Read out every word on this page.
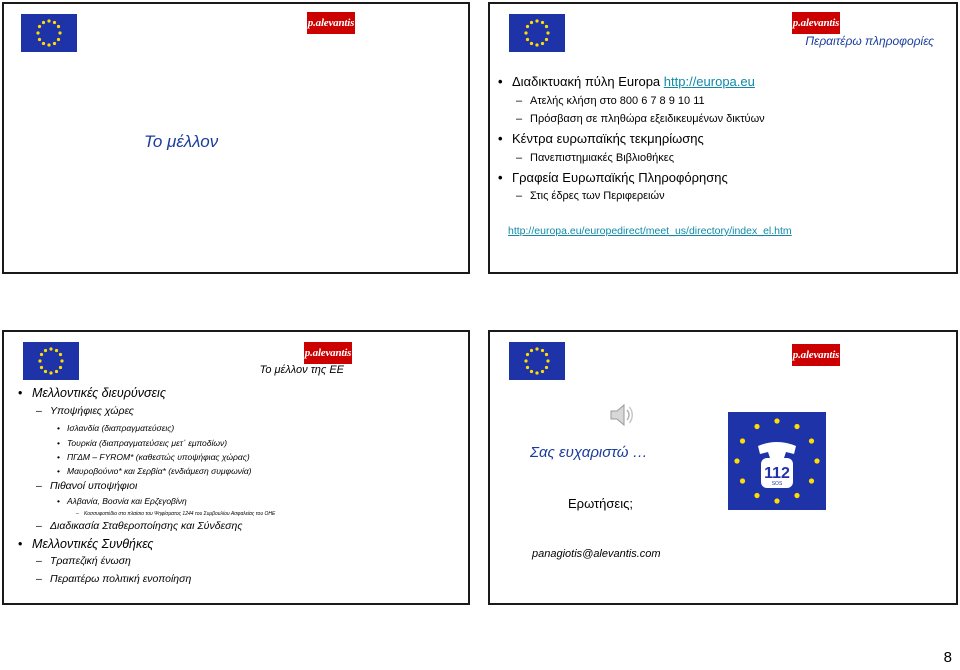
p.alevantis
Το μέλλον
p.alevantis
Περαιτέρω πληροφορίες
• Διαδικτυακή πύλη Europa http://europa.eu
– Ατελής κλήση στο 800 6 7 8 9 10 11
– Πρόσβαση σε πληθώρα εξειδικευμένων δικτύων
• Κέντρα ευρωπαϊκής τεκμηρίωσης
– Πανεπιστημιακές Βιβλιοθήκες
• Γραφεία Ευρωπαϊκής Πληροφόρησης
– Στις έδρες των Περιφερειών
http://europa.eu/europedirect/meet_us/directory/index_el.htm
p.alevantis
Το μέλλον της ΕΕ
• Μελλοντικές διευρύνσεις
– Υποψήφιες χώρες
• Ισλανδία (διαπραγματεύσεις)
• Τουρκία (διαπραγματεύσεις μετ᾽ εμποδίων)
• ΠΓΔΜ – FYROM* (καθεστώς υποψήφιας χώρας)
• Μαυροβούνιο* και Σερβία* (ενδιάμεση συμφωνία)
– Πιθανοί υποψήφιοι
• Αλβανία, Βοσνία και Ερζεγοβίνη
– Κοσσυφοπέδιο στο πλαίσιο του Ψηφίσματος 1244 του Συμβουλίου Ασφαλείας του ΟΗΕ
– Διαδικασία Σταθεροποίησης και Σύνδεσης
• Μελλοντικές Συνθήκες
– Τραπεζική ένωση
– Περαιτέρω πολιτική ενοποίηση
p.alevantis
112
SOS
Σας ευχαριστώ …
Ερωτήσεις;
panagiotis@alevantis.com
8
